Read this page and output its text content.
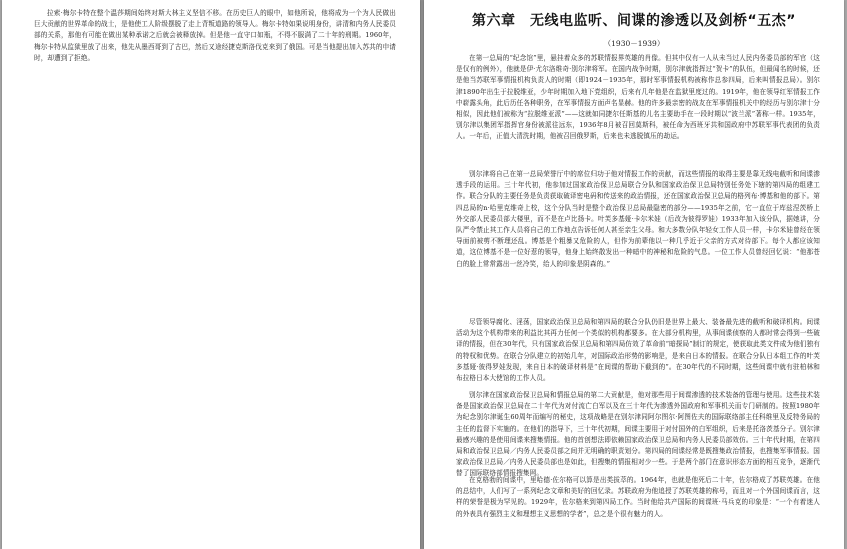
拉索·梅尔卡特在整个温莎期间始终对斯大林主义坚信不移。在历史巨人的眼中，如他所说，他将成为一个为人民做出巨大贡献的世界革命的战士，是他使工人阶级摆脱了走上背叛道路的领导人。梅尔卡特如果说明身份，讲清和内务人民委员部的关系，那他有可能在做出某种承诺之后就会被释放掉。但是他一直守口如瓶，不得不服满了二十年的刑期。1960年，梅尔卡特从监狱里放了出来，他先从墨西哥到了古巴，然后又途经捷克斯洛伐克来到了俄国。可是当他提出加入苏共的申请时，却遭到了拒绝。
第六章　无线电监听、间谍的渗透以及剑桥“五杰”
（1930－1939）
在第一总局的“纪念馆”里，悬挂着众多的苏联情报界英雄的肖像。但其中仅有一人从未当过人民内务委员部的军官（这是仅有的例外），他就是伊·尤尔洛维奇·别尔津将军。在国内战争时期，别尔津就指挥过“贺卡”的队伍，但最闻名的时候，还是他当苏联军事情报机构负责人的时期（即1924－1935年，那时军事情报机构被称作总参四局，后来叫情报总局）。别尔津1890年出生于拉脱维亚，少年时期加入地下党组织，后来有几年他是在监狱里度过的。1919年，他在领导红军情报工作中崭露头角，此后历任各种职务，在军事情报方面声名显赫。他的许多最亲密的战友在军事情报机关中的经历与别尔津十分相似，因此他们被称为“拉脱维亚派”——这就如同捷尔任斯基的儿名主要助手在一段时期以“波兰派”著称一样。1935年，别尔津以集团军指挥官身份被派往远东，1936年8月被召回莫斯科，被任命为西班牙共和国政府中苏联军事代表团的负责人。一年后，正值大清洗时期，他被召回俄罗斯，后来也未逃脱镇压的劫运。
别尔津将自己在第一总局荣誉厅中的席位归功于他对情报工作的贡献，而这些情报的取得主要是靠无线电截听和间谍渗透手段的运用。三十年代初，他参加过国家政治保卫总局联合分队和国家政治保卫总局特别任务处下辖的第四局的组建工作。联合分队的主要任务是负责获取破译密电码和传送来的政治情报，还在国家政治保卫总局的格列布·博基和他的部下。第四总局的n·哈里克维奇上校，这个分队当时是整个政治保卫总局最隐密的部分——1935年之前，它一直位于库兹涅茨桥上外交部人民委员部大楼里，而不是在卢比扬卡。叶芙多基娅·卡尔米娃（后改为彼得罗娃）1933年加入该分队，据她讲，分队严令禁止其工作人员将自己的工作地点告诉任何人甚至亲生父母。和大多数分队年轻女工作人员一样，卡尔米娃曾经在领导面前被剪不断理还乱。博基是个粗暴又危险的人，但作为前辈他以一种几乎近于父亲的方式对待部下。每个人都应该知道，这位博基不是一位好惹的领导，他身上始终散发出一种暗中的神秘和危险的气息。一位工作人员曾经回忆说：“他那苍白的脸上常常露出一丝冷笑，给人的印象是阴森的。”
尽管领导腐化、淫荡，国家政治保卫总局和第四局的联合分队仍旧是世界上最大、装备最先进的截听和破译机构。间谍活动为这个机构带来的利益比其再力任何一个类似的机构都要多。在大部分机构里，从事间谍侦察的人都时常会得到一些破译的情报，但在30年代，只有国家政治保卫总局和第四局仿效了革命前“暗探局”制订的规定，使获取此类文件成为他们独有的特权和优势。在联合分队建立的初始几年，对国际政治形势的影响是，是来自日本的情报。在联合分队日本组工作的叶芙多基娅·彼得罗娃发现，来自日本的破译材料是“在间谍的帮助下截到的”。在30年代的不同时期，这些间谍中就有驻柏林和布拉格日本大使馆的工作人员。
别尔津在国家政治保卫总局和情报总局的第二大贡献是，他对那些用于间谍渗透的技术装备的管理与使用。这些技术装备是国家政治保卫总局在二十年代为对付流亡白军以及在三十年代为渗透外国政府和军事机关而专门研制的。按照1980年为纪念别尔津诞生60周年而编写的秘史，这项战略是在别尔津同阿尔图尔·阿图佐夫的国际联络部主任科维里及反特务局的主任的监督下实施的。在他们的指导下，三十年代初期，间谍主要用于对付国外的白军组织，后来是托洛茨基分子。别尔津最感兴趣的是使用间谍来搜集情报。他的首创想法即依赖国家政治保卫总局和内务人民委员部效仿。三十年代时期，在第四局和政治保卫总局／内务人民委员部之间并无明确的职责划分。第四局的间谍经常是既搜集政治情报，也搜集军事情报。国家政治保卫总局／内务人民委员部也是如此，但搜集的情报相对少一些。于是两个部门在意识形态方面的相互竞争，逐渐代替了国际联络部情报搜集网。
在克格勃的间谍中，里哈德·佐尔格可以算是出类拔萃的。1964年，也就是他死后二十年，佐尔格成了苏联英雄。在他的总结中，人们写了一系列纪念文章和美好的回忆录。苏联政府为他追授了苏联英雄的称号，而且对一个外国间谍而言，这样的荣誉是极为罕见的。1929年，佐尔格来到第四局工作。当时他给共产国际的间谍班·马兵克的印象是：“一个有着迷人的外表具有强烈主义和理想主义思想的学者”，总之是个很有魅力的人。
